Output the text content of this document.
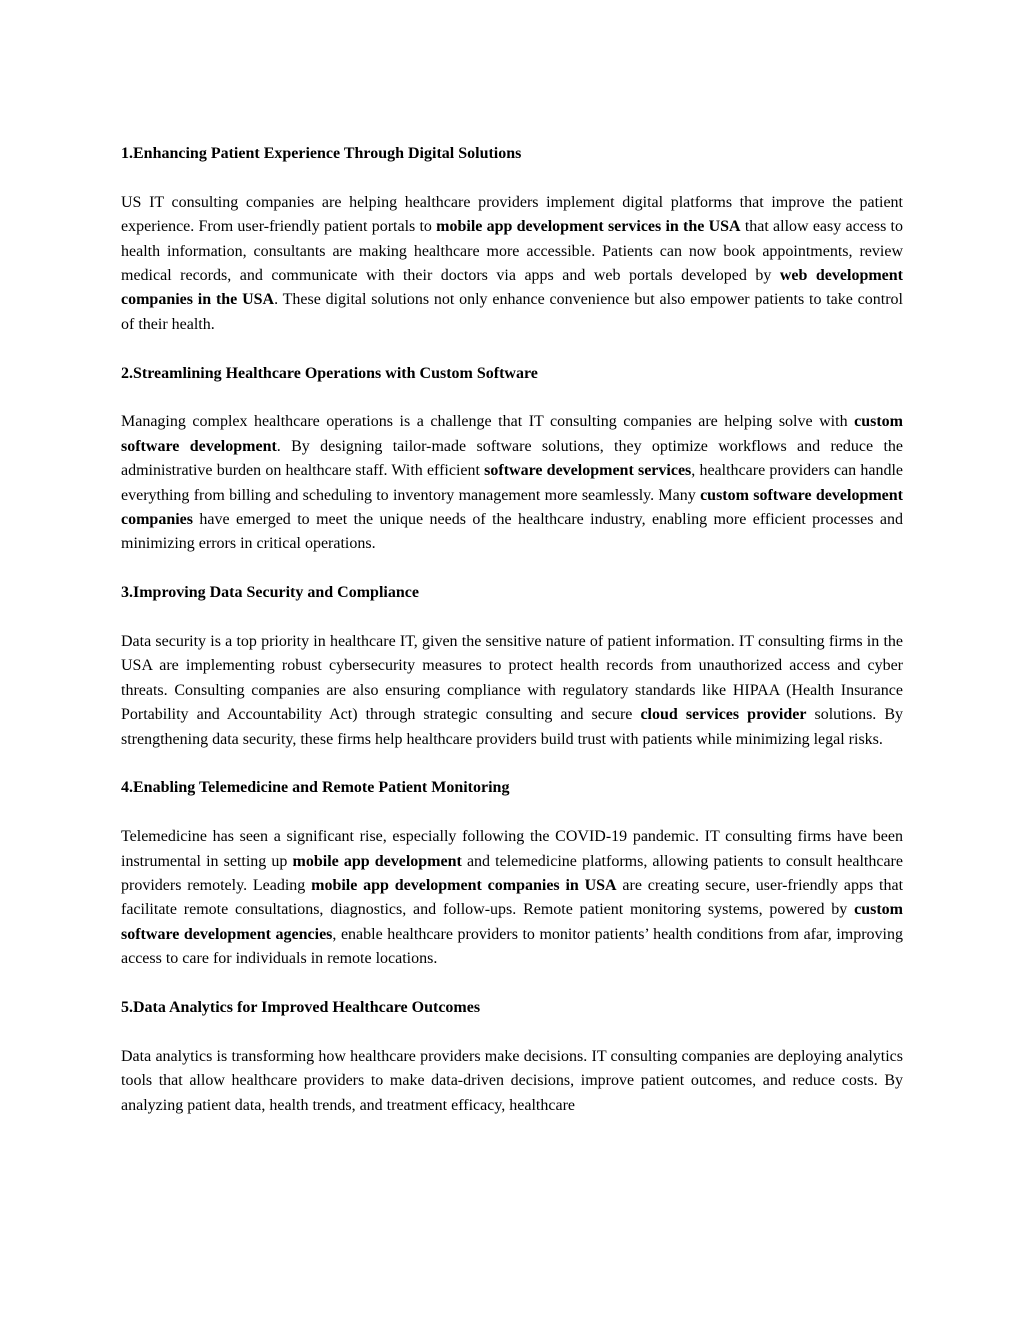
1.Enhancing Patient Experience Through Digital Solutions

US IT consulting companies are helping healthcare providers implement digital platforms that improve the patient experience. From user-friendly patient portals to mobile app development services in the USA that allow easy access to health information, consultants are making healthcare more accessible. Patients can now book appointments, review medical records, and communicate with their doctors via apps and web portals developed by web development companies in the USA. These digital solutions not only enhance convenience but also empower patients to take control of their health.

2.Streamlining Healthcare Operations with Custom Software

Managing complex healthcare operations is a challenge that IT consulting companies are helping solve with custom software development. By designing tailor-made software solutions, they optimize workflows and reduce the administrative burden on healthcare staff. With efficient software development services, healthcare providers can handle everything from billing and scheduling to inventory management more seamlessly. Many custom software development companies have emerged to meet the unique needs of the healthcare industry, enabling more efficient processes and minimizing errors in critical operations.

3.Improving Data Security and Compliance

Data security is a top priority in healthcare IT, given the sensitive nature of patient information. IT consulting firms in the USA are implementing robust cybersecurity measures to protect health records from unauthorized access and cyber threats. Consulting companies are also ensuring compliance with regulatory standards like HIPAA (Health Insurance Portability and Accountability Act) through strategic consulting and secure cloud services provider solutions. By strengthening data security, these firms help healthcare providers build trust with patients while minimizing legal risks.

4.Enabling Telemedicine and Remote Patient Monitoring

Telemedicine has seen a significant rise, especially following the COVID-19 pandemic. IT consulting firms have been instrumental in setting up mobile app development and telemedicine platforms, allowing patients to consult healthcare providers remotely. Leading mobile app development companies in USA are creating secure, user-friendly apps that facilitate remote consultations, diagnostics, and follow-ups. Remote patient monitoring systems, powered by custom software development agencies, enable healthcare providers to monitor patients’ health conditions from afar, improving access to care for individuals in remote locations.

5.Data Analytics for Improved Healthcare Outcomes

Data analytics is transforming how healthcare providers make decisions. IT consulting companies are deploying analytics tools that allow healthcare providers to make data-driven decisions, improve patient outcomes, and reduce costs. By analyzing patient data, health trends, and treatment efficacy, healthcare
